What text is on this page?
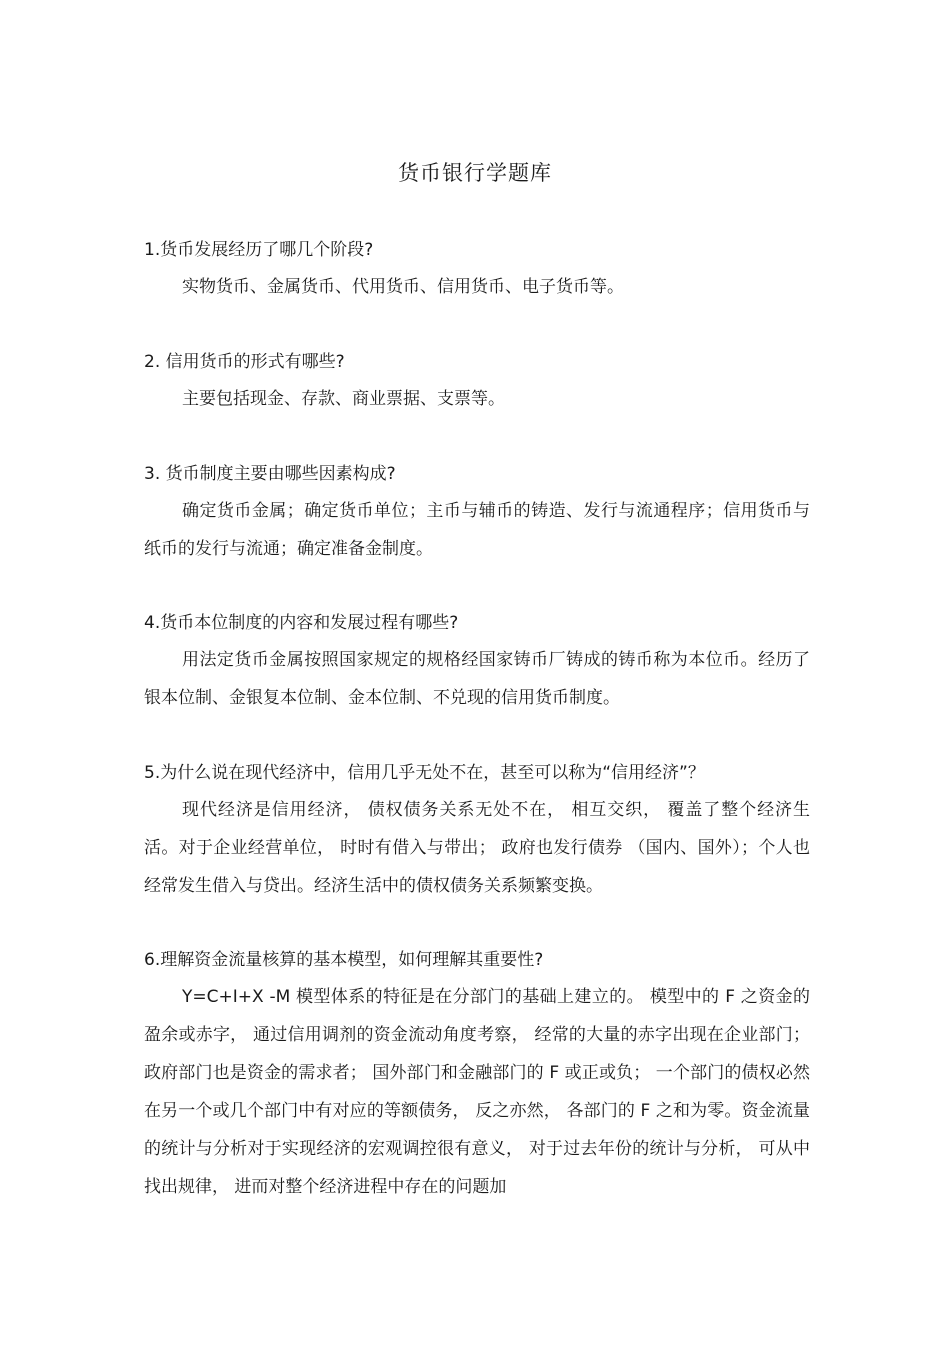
货币银行学题库

1.货币发展经历了哪几个阶段?

实物货币、金属货币、代用货币、信用货币、电子货币等。

2. 信用货币的形式有哪些?

主要包括现金、存款、商业票据、支票等。

3. 货币制度主要由哪些因素构成?

确定货币金属；确定货币单位；主币与辅币的铸造、发行与流通程序；信用货币与纸币的发行与流通；确定准备金制度。

4.货币本位制度的内容和发展过程有哪些?

用法定货币金属按照国家规定的规格经国家铸币厂铸成的铸币称为本位币。经历了银本位制、金银复本位制、金本位制、不兑现的信用货币制度。

5.为什么说在现代经济中，信用几乎无处不在，甚至可以称为“信用经济”？

现代经济是信用经济， 债权债务关系无处不在， 相互交织， 覆盖了整个经济生活。对于企业经营单位， 时时有借入与带出； 政府也发行债券 （国内、国外）；个人也经常发生借入与贷出。经济生活中的债权债务关系频繁变换。

6.理解资金流量核算的基本模型，如何理解其重要性?

Y=C+I+X -M 模型体系的特征是在分部门的基础上建立的。 模型中的 F 之资金的盈余或赤字， 通过信用调剂的资金流动角度考察， 经常的大量的赤字出现在企业部门； 政府部门也是资金的需求者； 国外部门和金融部门的 F 或正或负； 一个部门的债权必然在另一个或几个部门中有对应的等额债务， 反之亦然， 各部门的 F 之和为零。资金流量的统计与分析对于实现经济的宏观调控很有意义， 对于过去年份的统计与分析， 可从中找出规律， 进而对整个经济进程中存在的问题加
